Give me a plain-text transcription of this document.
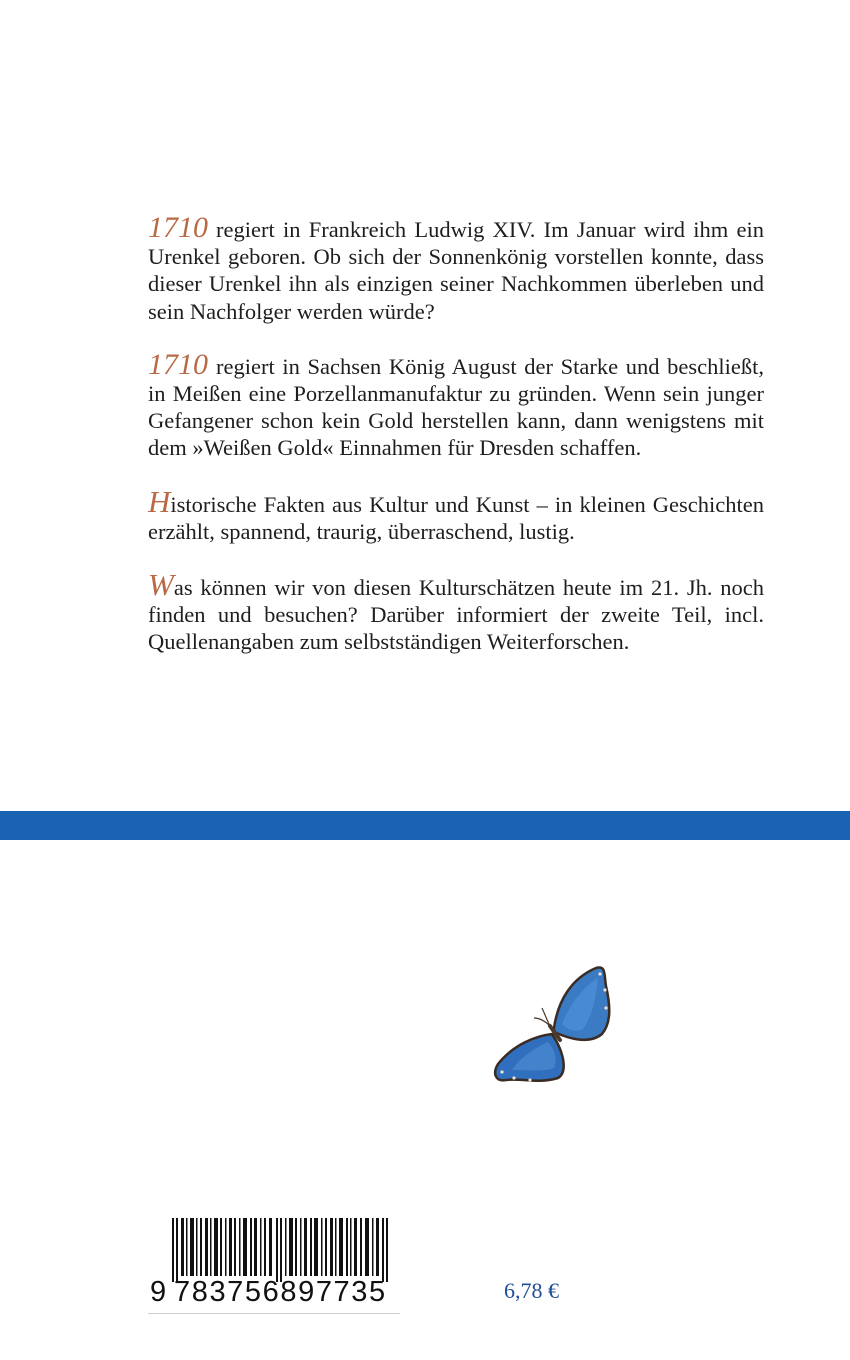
1710 regiert in Frankreich Ludwig XIV. Im Januar wird ihm ein Urenkel geboren. Ob sich der Sonnenkönig vorstellen konnte, dass dieser Urenkel ihn als einzigen seiner Nachkommen überleben und sein Nachfolger werden würde?

1710 regiert in Sachsen König August der Starke und beschließt, in Meißen eine Porzellanmanufaktur zu gründen. Wenn sein junger Gefangener schon kein Gold herstellen kann, dann wenigstens mit dem »Weißen Gold« Einnahmen für Dresden schaffen.

Historische Fakten aus Kultur und Kunst – in kleinen Geschichten erzählt, spannend, traurig, überraschend, lustig.

Was können wir von diesen Kulturschätzen heute im 21. Jh. noch finden und besuchen? Darüber informiert der zweite Teil, incl. Quellenangaben zum selbstständigen Weiterforschen.

9 783756897735	6,78 €
